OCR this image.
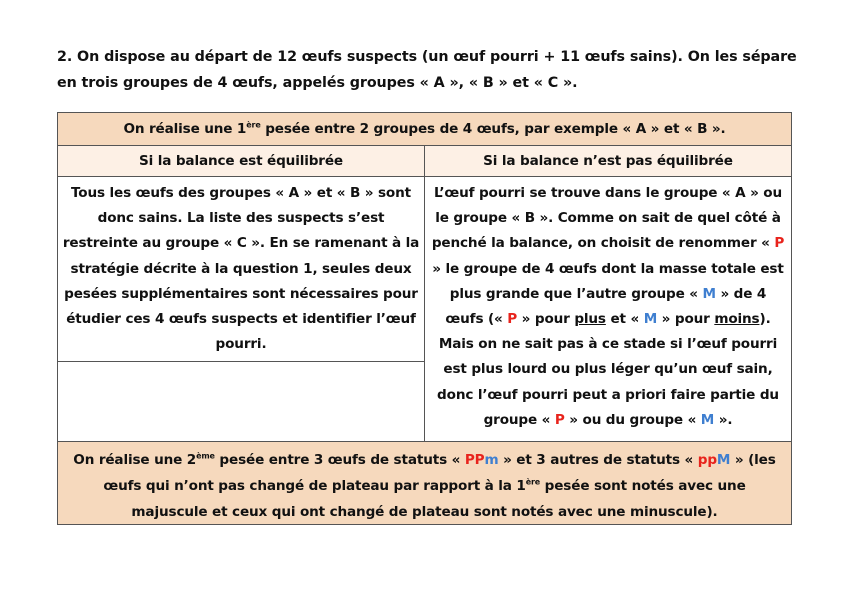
2. On dispose au départ de 12 œufs suspects (un œuf pourri + 11 œufs sains). On les sépare en trois groupes de 4 œufs, appelés groupes « A », « B » et « C ».
On réalise une 1ère pesée entre 2 groupes de 4 œufs, par exemple « A » et « B ».
Si la balance est équilibrée	Si la balance n’est pas équilibrée
Tous les œufs des groupes « A » et « B » sont donc sains. La liste des suspects s’est restreinte au groupe « C ». En se ramenant à la stratégie décrite à la question 1, seules deux pesées supplémentaires sont nécessaires pour étudier ces 4 œufs suspects et identifier l’œuf pourri.
L’œuf pourri se trouve dans le groupe « A » ou le groupe « B ». Comme on sait de quel côté à penché la balance, on choisit de renommer « P » le groupe de 4 œufs dont la masse totale est plus grande que l’autre groupe « M » de 4 œufs (« P » pour plus et « M » pour moins). Mais on ne sait pas à ce stade si l’œuf pourri est plus lourd ou plus léger qu’un œuf sain, donc l’œuf pourri peut a priori faire partie du groupe « P » ou du groupe « M ».
On réalise une 2ème pesée entre 3 œufs de statuts « PPm » et 3 autres de statuts « ppM » (les œufs qui n’ont pas changé de plateau par rapport à la 1ère pesée sont notés avec une majuscule et ceux qui ont changé de plateau sont notés avec une minuscule).
